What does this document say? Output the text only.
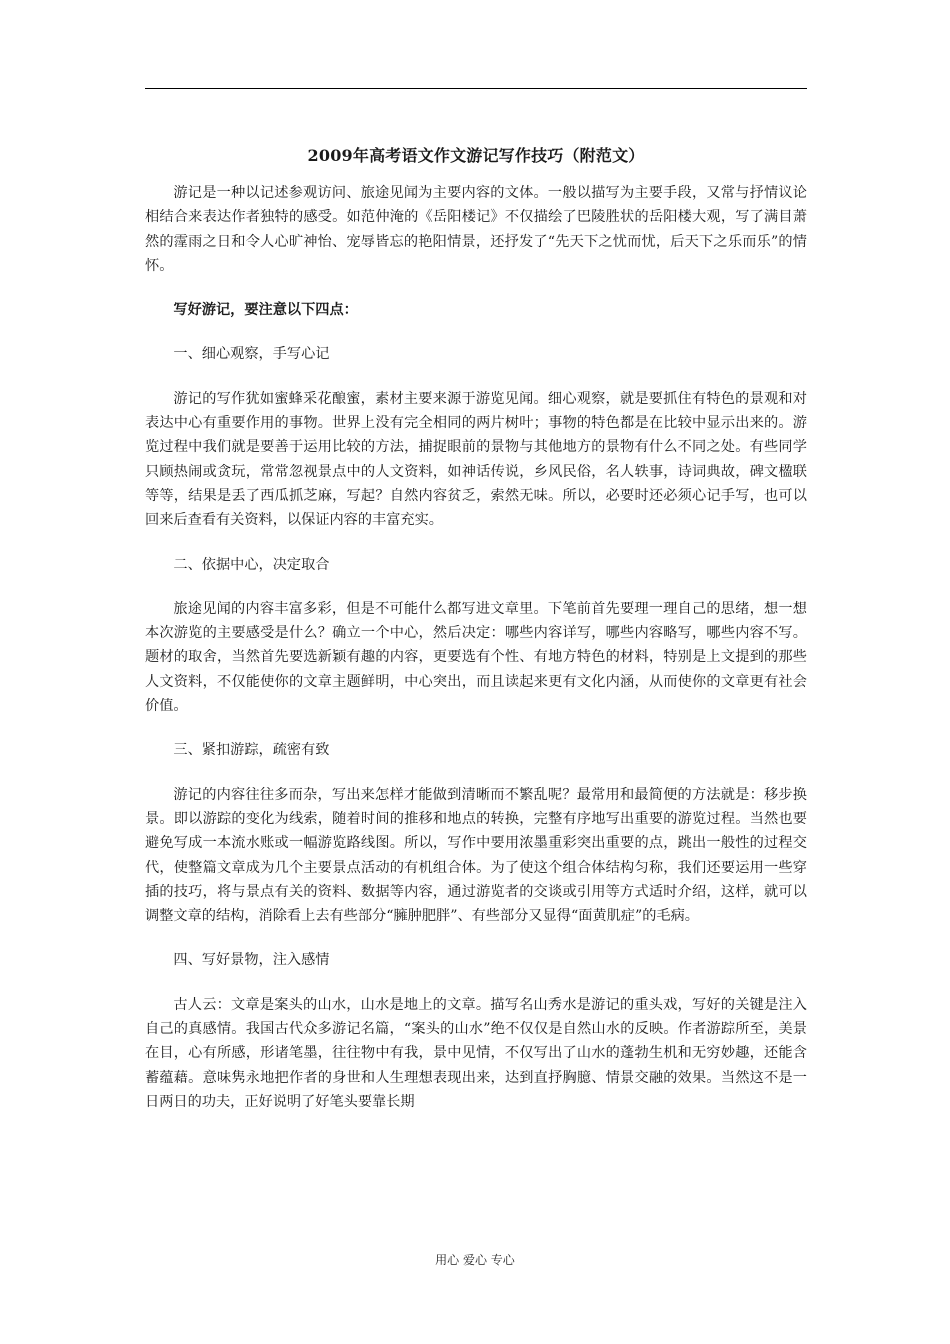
2009年高考语文作文游记写作技巧（附范文）

游记是一种以记述参观访问、旅途见闻为主要内容的文体。一般以描写为主要手段，又常与抒情议论相结合来表达作者独特的感受。如范仲淹的《岳阳楼记》不仅描绘了巴陵胜状的岳阳楼大观，写了满目萧然的霪雨之日和令人心旷神怡、宠辱皆忘的艳阳情景，还抒发了“先天下之忧而忧，后天下之乐而乐”的情怀。

写好游记，要注意以下四点：

一、细心观察，手写心记

游记的写作犹如蜜蜂采花酿蜜，素材主要来源于游览见闻。细心观察，就是要抓住有特色的景观和对表达中心有重要作用的事物。世界上没有完全相同的两片树叶；事物的特色都是在比较中显示出来的。游览过程中我们就是要善于运用比较的方法，捕捉眼前的景物与其他地方的景物有什么不同之处。有些同学只顾热闹或贪玩，常常忽视景点中的人文资料，如神话传说，乡风民俗，名人轶事，诗词典故，碑文楹联等等，结果是丢了西瓜抓芝麻，写起？自然内容贫乏，索然无味。所以，必要时还必须心记手写，也可以回来后查看有关资料，以保证内容的丰富充实。

二、依据中心，决定取合

旅途见闻的内容丰富多彩，但是不可能什么都写进文章里。下笔前首先要理一理自己的思绪，想一想本次游览的主要感受是什么？确立一个中心，然后决定：哪些内容详写，哪些内容略写，哪些内容不写。题材的取舍，当然首先要选新颖有趣的内容，更要选有个性、有地方特色的材料，特别是上文提到的那些人文资料，不仅能使你的文章主题鲜明，中心突出，而且读起来更有文化内涵，从而使你的文章更有社会价值。

三、紧扣游踪，疏密有致

游记的内容往往多而杂，写出来怎样才能做到清晰而不繁乱呢？最常用和最简便的方法就是：移步换景。即以游踪的变化为线索，随着时间的推移和地点的转换，完整有序地写出重要的游览过程。当然也要避免写成一本流水账或一幅游览路线图。所以，写作中要用浓墨重彩突出重要的点，跳出一般性的过程交代，使整篇文章成为几个主要景点活动的有机组合体。为了使这个组合体结构匀称，我们还要运用一些穿插的技巧，将与景点有关的资料、数据等内容，通过游览者的交谈或引用等方式适时介绍，这样，就可以调整文章的结构，消除看上去有些部分“臃肿肥胖”、有些部分又显得“面黄肌症”的毛病。

四、写好景物，注入感情

古人云：文章是案头的山水，山水是地上的文章。描写名山秀水是游记的重头戏，写好的关键是注入自己的真感情。我国古代众多游记名篇，“案头的山水”绝不仅仅是自然山水的反映。作者游踪所至，美景在目，心有所感，形诸笔墨，往往物中有我，景中见情，不仅写出了山水的蓬勃生机和无穷妙趣，还能含蓄蕴藉。意味隽永地把作者的身世和人生理想表现出来，达到直抒胸臆、情景交融的效果。当然这不是一日两日的功夫，正好说明了好笔头要靠长期

用心 爱心 专心
